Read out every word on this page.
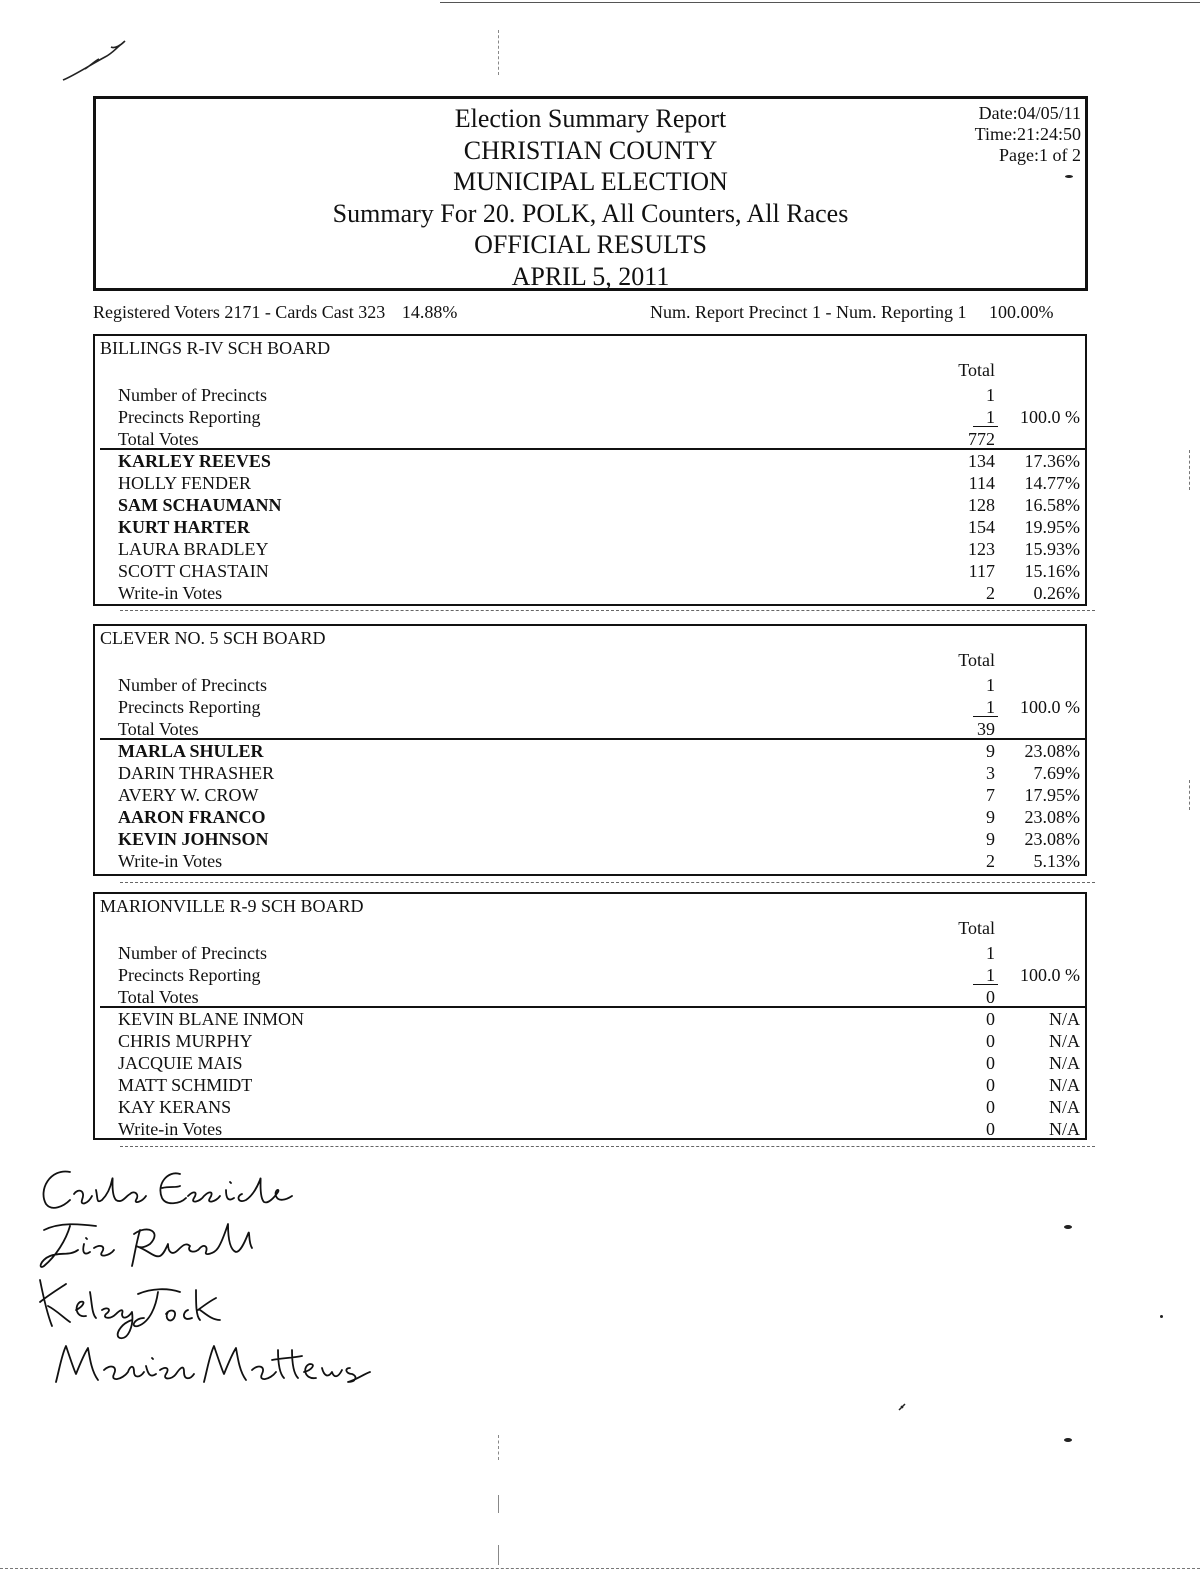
Election Summary Report
CHRISTIAN COUNTY
MUNICIPAL ELECTION
Summary For 20. POLK, All Counters, All Races
OFFICIAL RESULTS
APRIL 5, 2011
Date:04/05/11
Time:21:24:50
Page:1 of 2
Registered Voters 2171 - Cards Cast 323 14.88%	Num. Report Precinct 1 - Num. Reporting 1 100.00%
BILLINGS R-IV SCH BOARD
Total
Number of Precincts	1
Precincts Reporting	1	100.0 %
Total Votes	772
KARLEY REEVES	134	17.36%
HOLLY FENDER	114	14.77%
SAM SCHAUMANN	128	16.58%
KURT HARTER	154	19.95%
LAURA BRADLEY	123	15.93%
SCOTT CHASTAIN	117	15.16%
Write-in Votes	2	0.26%
CLEVER NO. 5 SCH BOARD
Total
Number of Precincts	1
Precincts Reporting	1	100.0 %
Total Votes	39
MARLA SHULER	9	23.08%
DARIN THRASHER	3	7.69%
AVERY W. CROW	7	17.95%
AARON FRANCO	9	23.08%
KEVIN JOHNSON	9	23.08%
Write-in Votes	2	5.13%
MARIONVILLE R-9 SCH BOARD
Total
Number of Precincts	1
Precincts Reporting	1	100.0 %
Total Votes	0
KEVIN BLANE INMON	0	N/A
CHRIS MURPHY	0	N/A
JACQUIE MAIS	0	N/A
MATT SCHMIDT	0	N/A
KAY KERANS	0	N/A
Write-in Votes	0	N/A
